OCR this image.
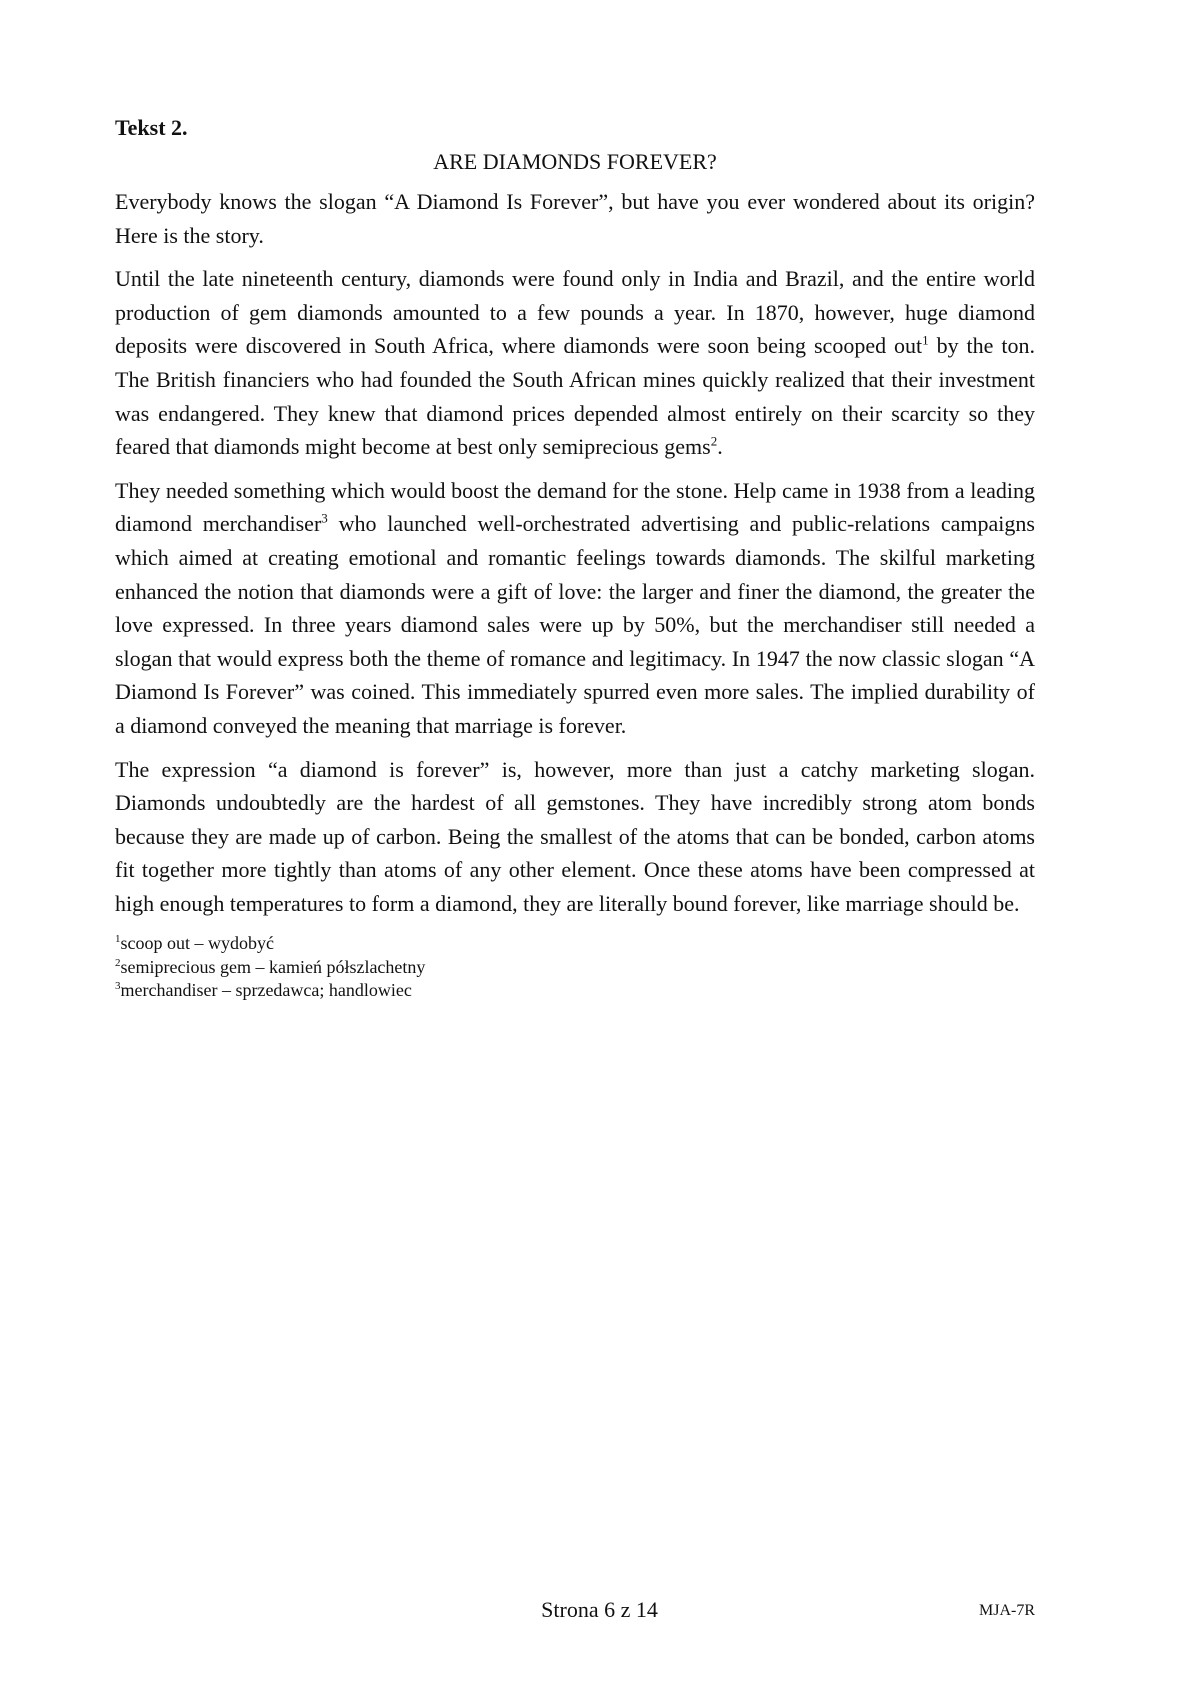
Tekst 2.

ARE DIAMONDS FOREVER?

Everybody knows the slogan “A Diamond Is Forever”, but have you ever wondered about its origin? Here is the story.

Until the late nineteenth century, diamonds were found only in India and Brazil, and the entire world production of gem diamonds amounted to a few pounds a year. In 1870, however, huge diamond deposits were discovered in South Africa, where diamonds were soon being scooped out$^1$ by the ton. The British financiers who had founded the South African mines quickly realized that their investment was endangered. They knew that diamond prices depended almost entirely on their scarcity so they feared that diamonds might become at best only semiprecious gems$^2$.

They needed something which would boost the demand for the stone. Help came in 1938 from a leading diamond merchandiser$^3$ who launched well-orchestrated advertising and public-relations campaigns which aimed at creating emotional and romantic feelings towards diamonds. The skilful marketing enhanced the notion that diamonds were a gift of love: the larger and finer the diamond, the greater the love expressed. In three years diamond sales were up by 50%, but the merchandiser still needed a slogan that would express both the theme of romance and legitimacy. In 1947 the now classic slogan “A Diamond Is Forever” was coined. This immediately spurred even more sales. The implied durability of a diamond conveyed the meaning that marriage is forever.

The expression “a diamond is forever” is, however, more than just a catchy marketing slogan. Diamonds undoubtedly are the hardest of all gemstones. They have incredibly strong atom bonds because they are made up of carbon. Being the smallest of the atoms that can be bonded, carbon atoms fit together more tightly than atoms of any other element. Once these atoms have been compressed at high enough temperatures to form a diamond, they are literally bound forever, like marriage should be.

$^1$scoop out – wydobyć

$^2$semiprecious gem – kamień półszlachetny

$^3$merchandiser – sprzedawca; handlowiec

Strona 6 z 14	MJA-7R
